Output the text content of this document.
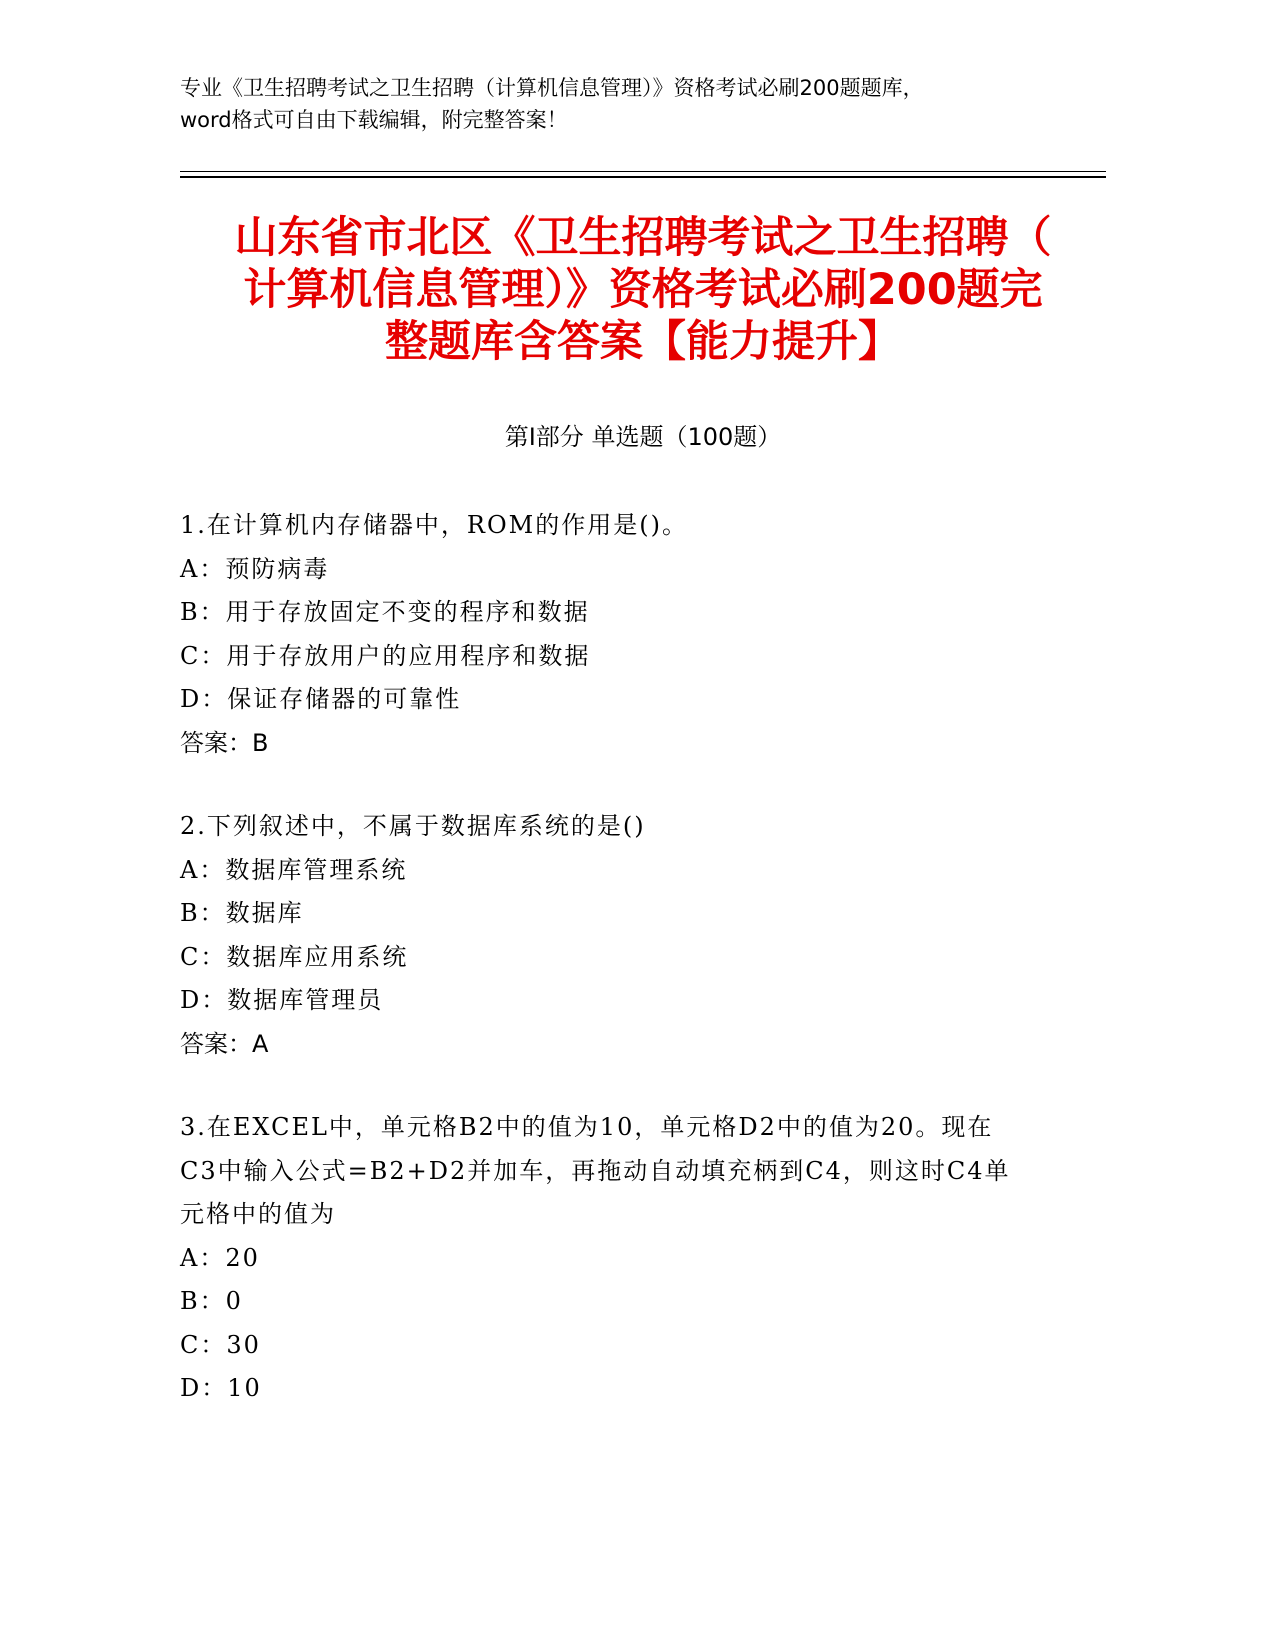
专业《卫生招聘考试之卫生招聘（计算机信息管理）》资格考试必刷200题题库，
word格式可自由下载编辑，附完整答案！
山东省市北区《卫生招聘考试之卫生招聘（
计算机信息管理）》资格考试必刷200题完
整题库含答案【能力提升】
第Ⅰ部分 单选题（100题）
1.在计算机内存储器中，ROM的作用是()。
A：预防病毒
B：用于存放固定不变的程序和数据
C：用于存放用户的应用程序和数据
D：保证存储器的可靠性
答案：B
2.下列叙述中，不属于数据库系统的是()
A：数据库管理系统
B：数据库
C：数据库应用系统
D：数据库管理员
答案：A
3.在EXCEL中，单元格B2中的值为10，单元格D2中的值为20。现在
C3中输入公式=B2+D2并加车，再拖动自动填充柄到C4，则这时C4单
元格中的值为
A：20
B：0
C：30
D：10
